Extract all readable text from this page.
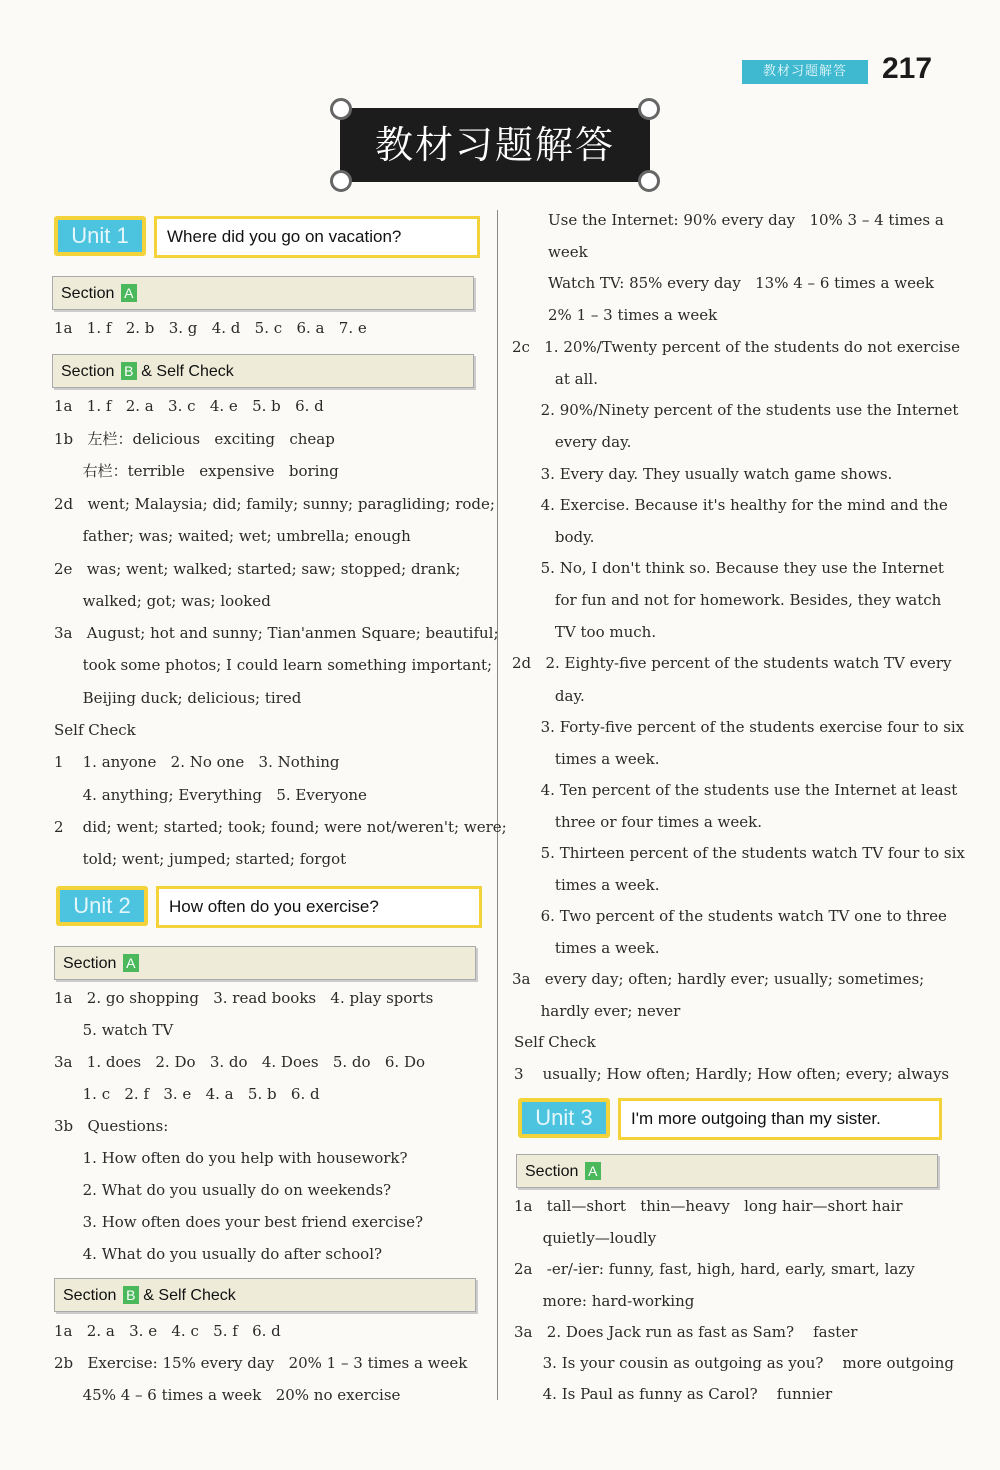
教材习题解答	217
教材习题解答
Unit 1	Where did you go on vacation?
Section A
Section B & Self Check
Unit 2	How often do you exercise?
Section A
Section B & Self Check
Unit 3	I'm more outgoing than my sister.
Section A
1a   1. f   2. b   3. g   4. d   5. c   6. a   7. e
1a   1. f   2. a   3. c   4. e   5. b   6. d
1b   左栏：delicious   exciting   cheap
右栏：terrible   expensive   boring
2d   went; Malaysia; did; family; sunny; paragliding; rode;
father; was; waited; wet; umbrella; enough
2e   was; went; walked; started; saw; stopped; drank;
walked; got; was; looked
3a   August; hot and sunny; Tian'anmen Square; beautiful;
took some photos; I could learn something important;
Beijing duck; delicious; tired
Self Check
1    1. anyone   2. No one   3. Nothing
4. anything; Everything   5. Everyone
2    did; went; started; took; found; were not/weren't; were;
told; went; jumped; started; forgot
1a   2. go shopping   3. read books   4. play sports
5. watch TV
3a   1. does   2. Do   3. do   4. Does   5. do   6. Do
1. c   2. f   3. e   4. a   5. b   6. d
3b   Questions:
1. How often do you help with housework?
2. What do you usually do on weekends?
3. How often does your best friend exercise?
4. What do you usually do after school?
1a   2. a   3. e   4. c   5. f   6. d
2b   Exercise: 15% every day   20% 1 – 3 times a week
45% 4 – 6 times a week   20% no exercise
Use the Internet: 90% every day   10% 3 – 4 times a
week
Watch TV: 85% every day   13% 4 – 6 times a week
2% 1 – 3 times a week
2c   1. 20%/Twenty percent of the students do not exercise
at all.
2. 90%/Ninety percent of the students use the Internet
every day.
3. Every day. They usually watch game shows.
4. Exercise. Because it's healthy for the mind and the
body.
5. No, I don't think so. Because they use the Internet
for fun and not for homework. Besides, they watch
TV too much.
2d   2. Eighty-five percent of the students watch TV every
day.
3. Forty-five percent of the students exercise four to six
times a week.
4. Ten percent of the students use the Internet at least
three or four times a week.
5. Thirteen percent of the students watch TV four to six
times a week.
6. Two percent of the students watch TV one to three
times a week.
3a   every day; often; hardly ever; usually; sometimes;
hardly ever; never
Self Check
3    usually; How often; Hardly; How often; every; always
1a   tall—short   thin—heavy   long hair—short hair
quietly—loudly
2a   -er/-ier: funny, fast, high, hard, early, smart, lazy
more: hard-working
3a   2. Does Jack run as fast as Sam?    faster
3. Is your cousin as outgoing as you?    more outgoing
4. Is Paul as funny as Carol?    funnier
